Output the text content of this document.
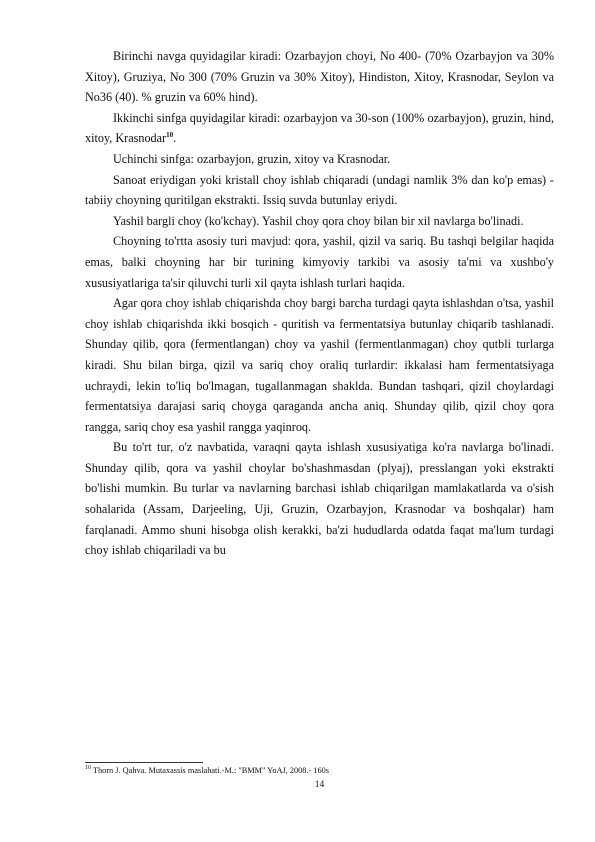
Birinchi navga quyidagilar kiradi: Ozarbayjon choyi, No 400- (70% Ozarbayjon va 30% Xitoy), Gruziya, No 300 (70% Gruzin va 30% Xitoy), Hindiston, Xitoy, Krasnodar, Seylon va No36 (40). % gruzin va 60% hind).

Ikkinchi sinfga quyidagilar kiradi: ozarbayjon va 30-son (100% ozarbayjon), gruzin, hind, xitoy, Krasnodar$^{10}$.

Uchinchi sinfga: ozarbayjon, gruzin, xitoy va Krasnodar.

Sanoat eriydigan yoki kristall choy ishlab chiqaradi (undagi namlik 3% dan ko'p emas) - tabiiy choyning quritilgan ekstrakti. Issiq suvda butunlay eriydi.

Yashil bargli choy (ko'kchay). Yashil choy qora choy bilan bir xil navlarga bo'linadi.

Choyning to'rtta asosiy turi mavjud: qora, yashil, qizil va sariq. Bu tashqi belgilar haqida emas, balki choyning har bir turining kimyoviy tarkibi va asosiy ta'mi va xushbo'y xususiyatlariga ta'sir qiluvchi turli xil qayta ishlash turlari haqida.

Agar qora choy ishlab chiqarishda choy bargi barcha turdagi qayta ishlashdan o'tsa, yashil choy ishlab chiqarishda ikki bosqich - quritish va fermentatsiya butunlay chiqarib tashlanadi. Shunday qilib, qora (fermentlangan) choy va yashil (fermentlanmagan) choy qutbli turlarga kiradi. Shu bilan birga, qizil va sariq choy oraliq turlardir: ikkalasi ham fermentatsiyaga uchraydi, lekin to'liq bo'lmagan, tugallanmagan shaklda. Bundan tashqari, qizil choylardagi fermentatsiya darajasi sariq choyga qaraganda ancha aniq. Shunday qilib, qizil choy qora rangga, sariq choy esa yashil rangga yaqinroq.

Bu to'rt tur, o'z navbatida, varaqni qayta ishlash xususiyatiga ko'ra navlarga bo'linadi. Shunday qilib, qora va yashil choylar bo'shashmasdan (plyaj), presslangan yoki ekstrakti bo'lishi mumkin. Bu turlar va navlarning barchasi ishlab chiqarilgan mamlakatlarda va o'sish sohalarida (Assam, Darjeeling, Uji, Gruzin, Ozarbayjon, Krasnodar va boshqalar) ham farqlanadi. Ammo shuni hisobga olish kerakki, ba'zi hududlarda odatda faqat ma'lum turdagi choy ishlab chiqariladi va bu

$^{10}$ Thorn J. Qahva. Mutaxassis maslahati.-M.: "BMM" YoAJ, 2008.- 160s
14
